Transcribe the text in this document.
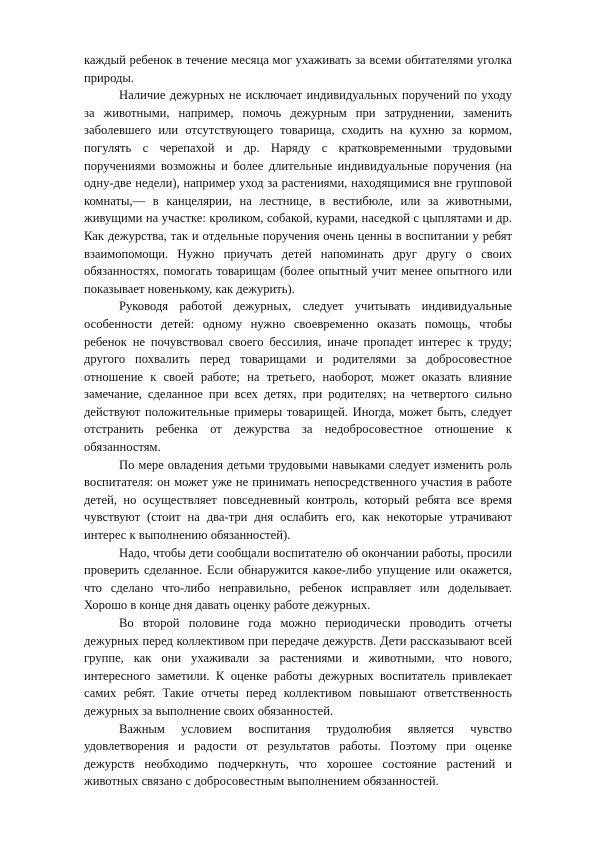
каждый ребенок в течение месяца мог ухаживать за всеми обитателями уголка природы.

Наличие дежурных не исключает индивидуальных поручений по уходу за животными, например, помочь дежурным при затруднении, заменить заболевшего или отсутствующего товарища, сходить на кухню за кормом, погулять с черепахой и др. Наряду с кратковременными трудовыми поручениями возможны и более длительные индивидуальные поручения (на одну-две недели), например уход за растениями, находящимися вне групповой комнаты,— в канцелярии, на лестнице, в вестибюле, или за животными, живущими на участке: кроликом, собакой, курами, наседкой с цыплятами и др. Как дежурства, так и отдельные поручения очень ценны в воспитании у ребят взаимопомощи. Нужно приучать детей напоминать друг другу о своих обязанностях, помогать товарищам (более опытный учит менее опытного или показывает новенькому, как дежурить).

Руководя работой дежурных, следует учитывать индивидуальные особенности детей: одному нужно своевременно оказать помощь, чтобы ребенок не почувствовал своего бессилия, иначе пропадет интерес к труду; другого похвалить перед товарищами и родителями за добросовестное отношение к своей работе; на третьего, наоборот, может оказать влияние замечание, сделанное при всех детях, при родителях; на четвертого сильно действуют положительные примеры товарищей. Иногда, может быть, следует отстранить ребенка от дежурства за недобросовестное отношение к обязанностям.

По мере овладения детьми трудовыми навыками следует изменить роль воспитателя: он может уже не принимать непосредственного участия в работе детей, но осуществляет повседневный контроль, который ребята все время чувствуют (стоит на два-три дня ослабить его, как некоторые утрачивают интерес к выполнению обязанностей).

Надо, чтобы дети сообщали воспитателю об окончании работы, просили проверить сделанное. Если обнаружится какое-либо упущение или окажется, что сделано что-либо неправильно, ребенок исправляет или доделывает. Хорошо в конце дня давать оценку работе дежурных.

Во второй половине года можно периодически проводить отчеты дежурных перед коллективом при передаче дежурств. Дети рассказывают всей группе, как они ухаживали за растениями и животными, что нового, интересного заметили. К оценке работы дежурных воспитатель привлекает самих ребят. Такие отчеты перед коллективом повышают ответственность дежурных за выполнение своих обязанностей.

Важным условием воспитания трудолюбия является чувство удовлетворения и радости от результатов работы. Поэтому при оценке дежурств необходимо подчеркнуть, что хорошее состояние растений и животных связано с добросовестным выполнением обязанностей.
